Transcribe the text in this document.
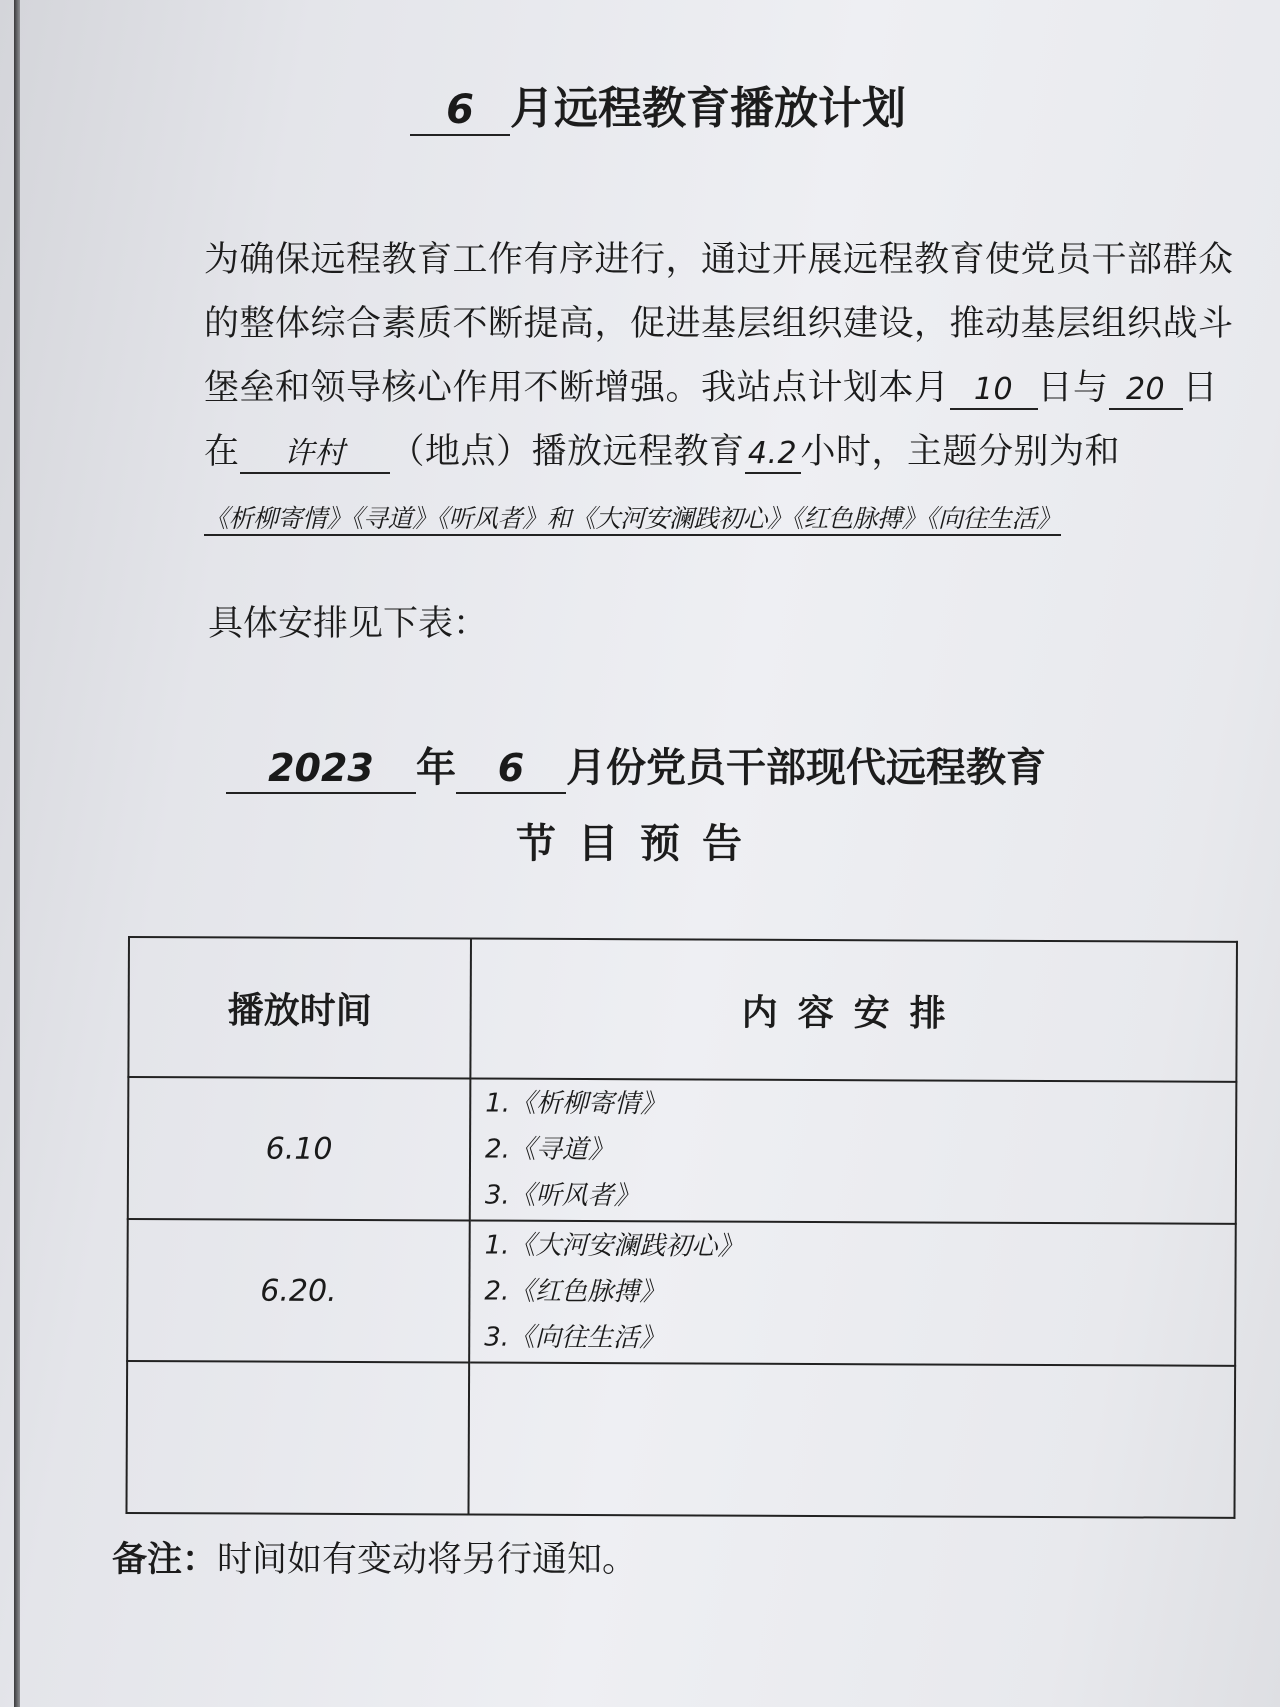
6 月远程教育播放计划

为确保远程教育工作有序进行，通过开展远程教育使党员干部群众的整体综合素质不断提高，促进基层组织建设，推动基层组织战斗堡垒和领导核心作用不断增强。我站点计划本月 10 日与 20 日在 许村 （地点）播放远程教育 4.2小时，主题分别为和《析柳寄情》《寻道》《听风者》和《大河安澜践初心》《红色脉搏》《向往生活》

具体安排见下表：
2023 年 6 月份党员干部现代远程教育
节目预告
播放时间	内容安排
6.10	1.《析柳寄情》
2.《寻道》
3.《听风者》

6.20.	1.《大河安澜践初心》
2.《红色脉搏》
3.《向往生活》

备注：时间如有变动将另行通知。
